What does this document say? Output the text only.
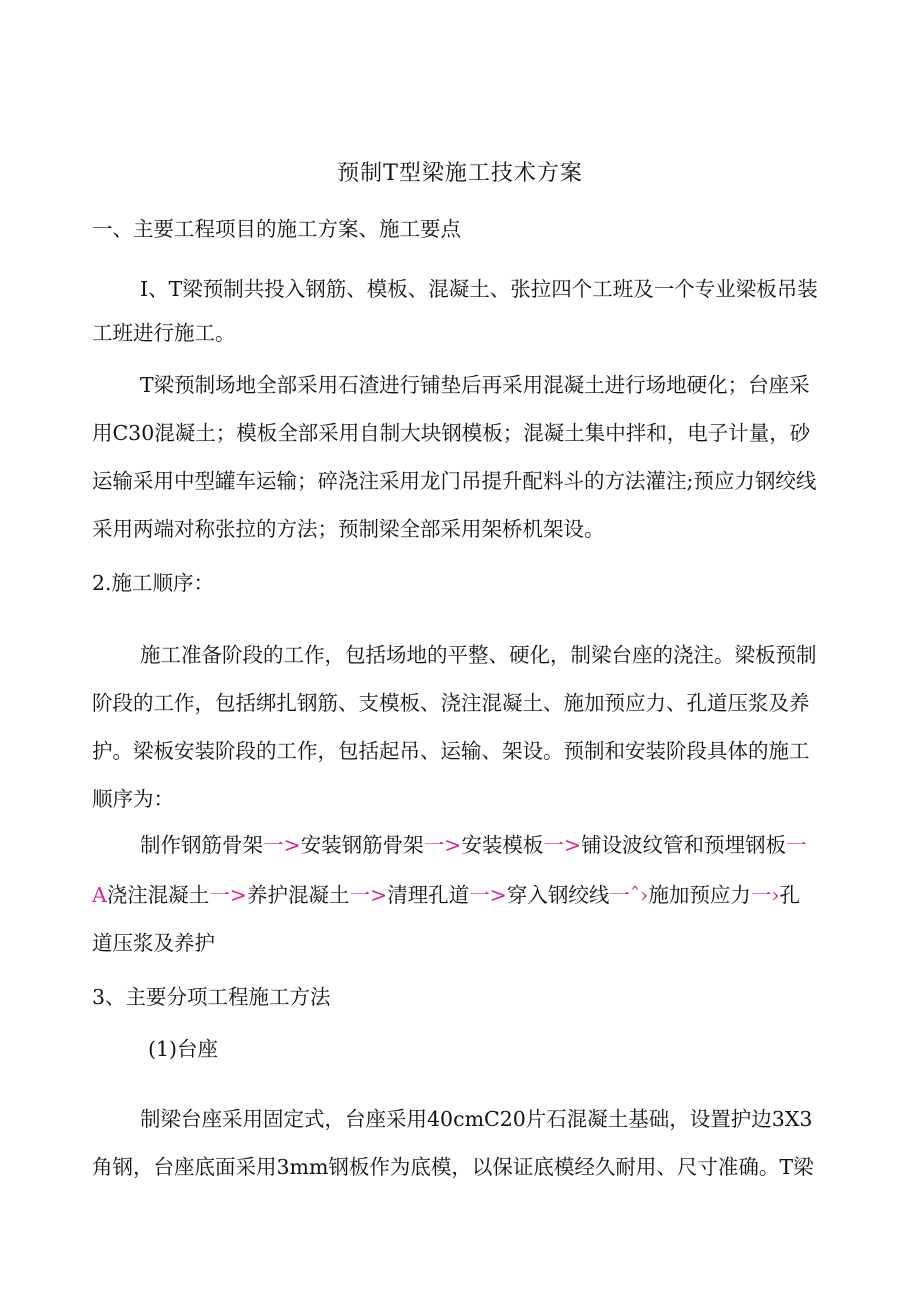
预制T型梁施工技术方案
一、主要工程项目的施工方案、施工要点
I、T梁预制共投入钢筋、模板、混凝土、张拉四个工班及一个专业梁板吊装
工班进行施工。
T梁预制场地全部采用石渣进行铺垫后再采用混凝土进行场地硬化；台座采
用C30混凝土；模板全部采用自制大块钢模板；混凝土集中拌和，电子计量，砂
运输采用中型罐车运输；碎浇注采用龙门吊提升配料斗的方法灌注;预应力钢绞线
采用两端对称张拉的方法；预制梁全部采用架桥机架设。
2.施工顺序：
施工准备阶段的工作，包括场地的平整、硬化，制梁台座的浇注。梁板预制
阶段的工作，包括绑扎钢筋、支模板、浇注混凝土、施加预应力、孔道压浆及养
护。梁板安装阶段的工作，包括起吊、运输、架设。预制和安装阶段具体的施工
顺序为：
制作钢筋骨架一>安装钢筋骨架一>安装模板一>铺设波纹管和预埋钢板一
A浇注混凝土一>养护混凝土一>清理孔道一>穿入钢绞线一ˆ›施加预应力一›孔
道压浆及养护
3、主要分项工程施工方法
(1)台座
制梁台座采用固定式，台座采用40cmC20片石混凝土基础，设置护边3X3
角钢，台座底面采用3mm钢板作为底模，以保证底模经久耐用、尺寸准确。T梁
